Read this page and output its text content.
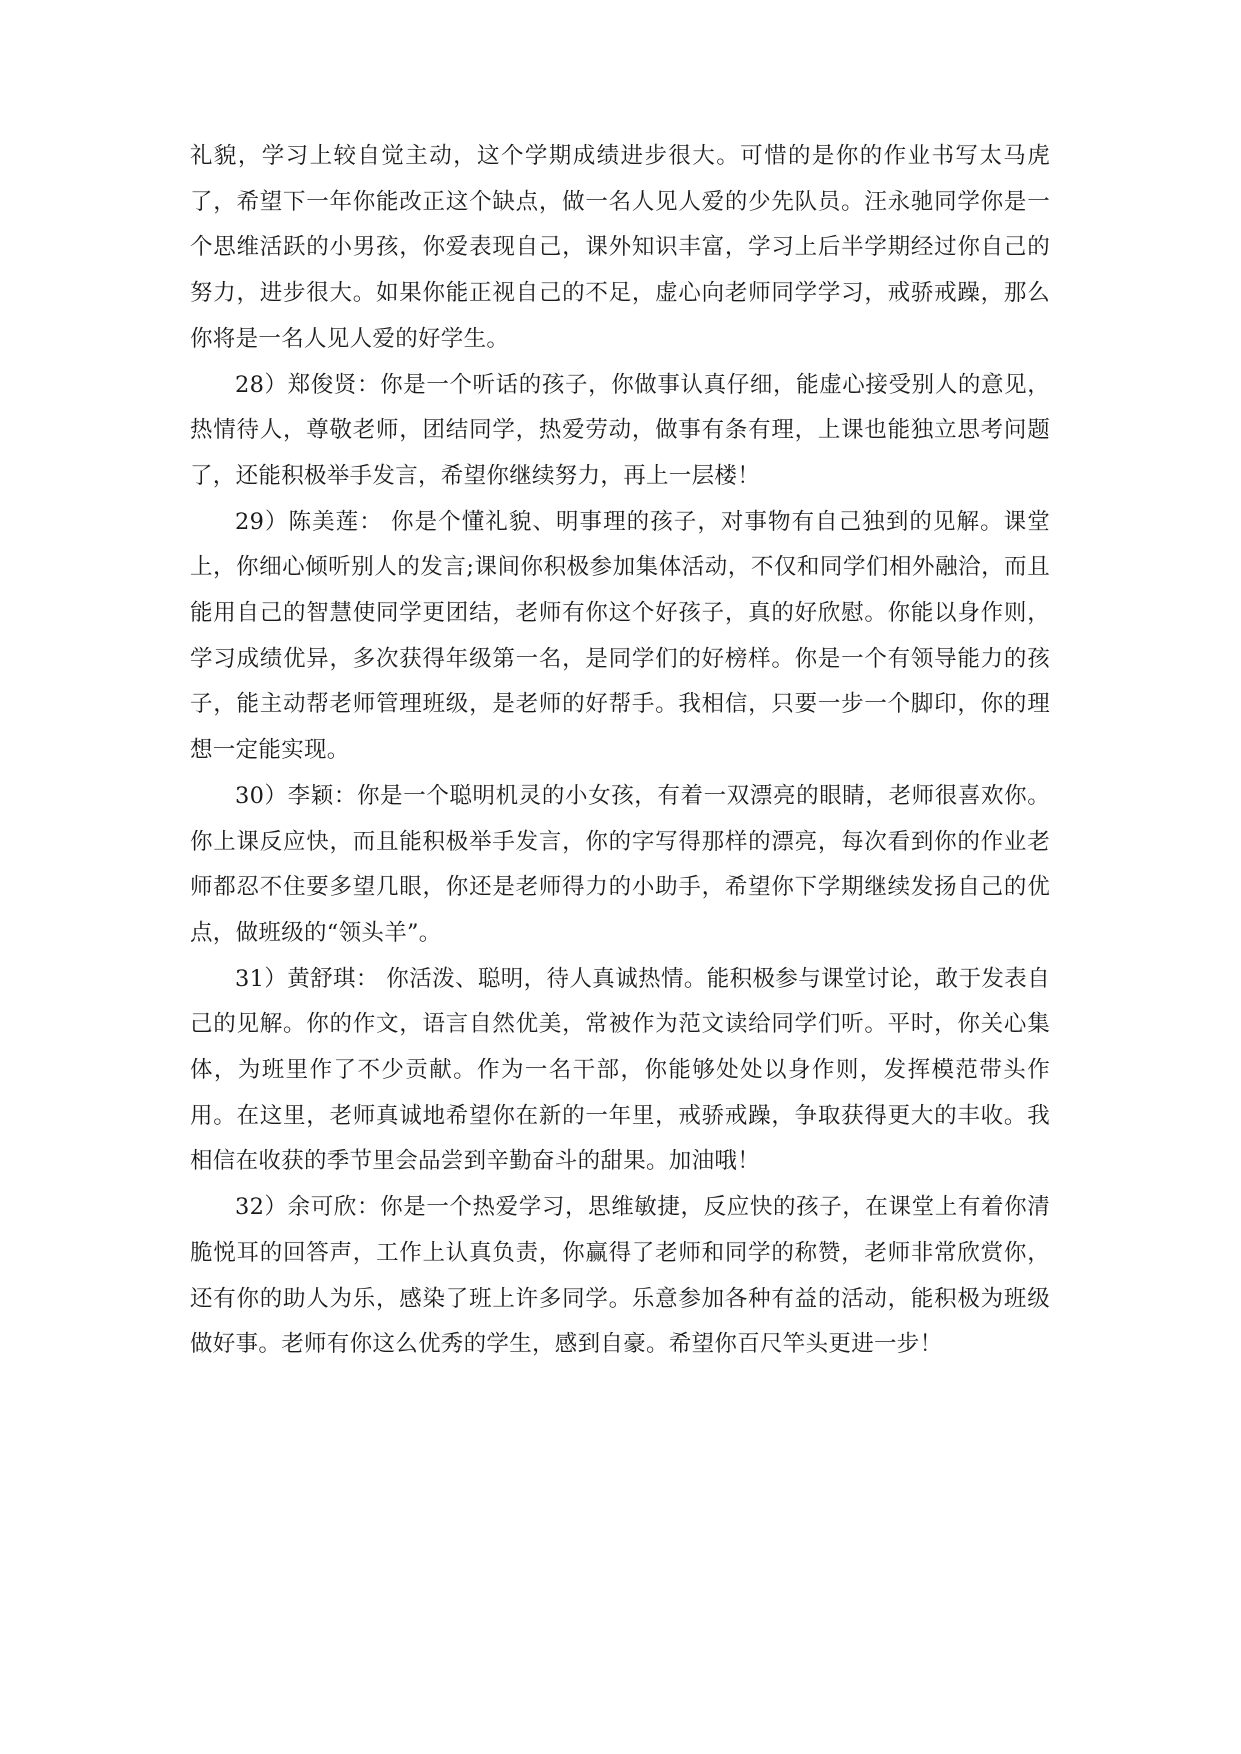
礼貌，学习上较自觉主动，这个学期成绩进步很大。可惜的是你的作业书写太马虎了，希望下一年你能改正这个缺点，做一名人见人爱的少先队员。汪永驰同学你是一个思维活跃的小男孩，你爱表现自己，课外知识丰富，学习上后半学期经过你自己的努力，进步很大。如果你能正视自己的不足，虚心向老师同学学习，戒骄戒躁，那么你将是一名人见人爱的好学生。

28）郑俊贤：你是一个听话的孩子，你做事认真仔细，能虚心接受别人的意见，热情待人，尊敬老师，团结同学，热爱劳动，做事有条有理，上课也能独立思考问题了，还能积极举手发言，希望你继续努力，再上一层楼！

29）陈美莲： 你是个懂礼貌、明事理的孩子，对事物有自己独到的见解。课堂上，你细心倾听别人的发言;课间你积极参加集体活动，不仅和同学们相外融洽，而且能用自己的智慧使同学更团结，老师有你这个好孩子，真的好欣慰。你能以身作则，学习成绩优异，多次获得年级第一名，是同学们的好榜样。你是一个有领导能力的孩子，能主动帮老师管理班级，是老师的好帮手。我相信，只要一步一个脚印，你的理想一定能实现。

30）李颖：你是一个聪明机灵的小女孩，有着一双漂亮的眼睛，老师很喜欢你。你上课反应快，而且能积极举手发言，你的字写得那样的漂亮，每次看到你的作业老师都忍不住要多望几眼，你还是老师得力的小助手，希望你下学期继续发扬自己的优点，做班级的“领头羊”。

31）黄舒琪： 你活泼、聪明，待人真诚热情。能积极参与课堂讨论，敢于发表自己的见解。你的作文，语言自然优美，常被作为范文读给同学们听。平时，你关心集体，为班里作了不少贡献。作为一名干部，你能够处处以身作则，发挥模范带头作用。在这里，老师真诚地希望你在新的一年里，戒骄戒躁，争取获得更大的丰收。我相信在收获的季节里会品尝到辛勤奋斗的甜果。加油哦！

32）余可欣：你是一个热爱学习，思维敏捷，反应快的孩子，在课堂上有着你清脆悦耳的回答声，工作上认真负责，你赢得了老师和同学的称赞，老师非常欣赏你，还有你的助人为乐，感染了班上许多同学。乐意参加各种有益的活动，能积极为班级做好事。老师有你这么优秀的学生，感到自豪。希望你百尺竿头更进一步！
